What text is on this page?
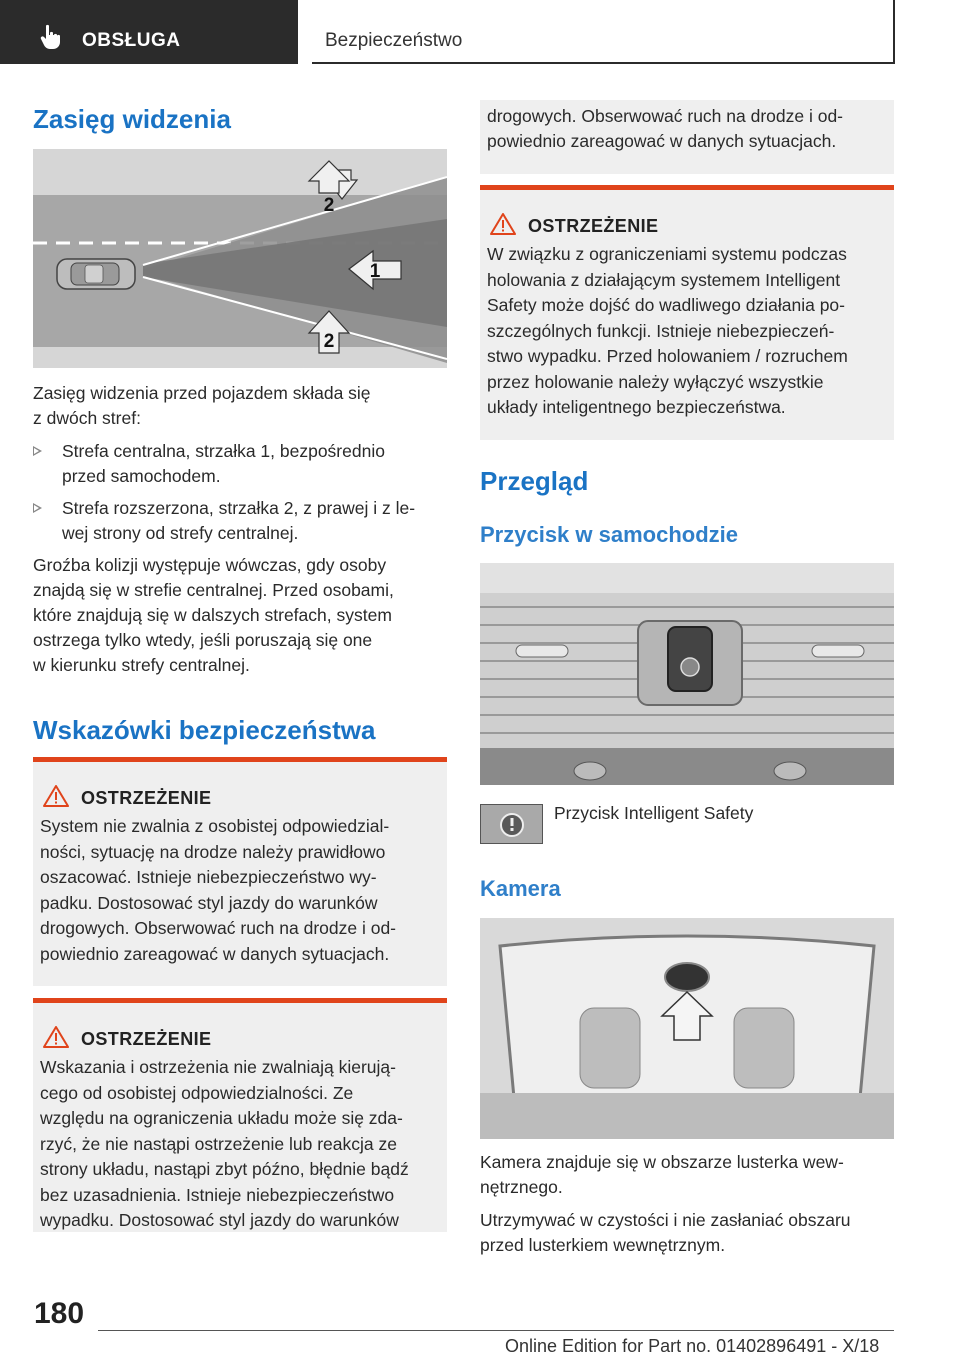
OBSŁUGA	Bezpieczeństwo
Zasięg widzenia
2
1
2
Zasięg widzenia przed pojazdem składa się
z dwóch stref:
Strefa centralna, strzałka 1, bezpośrednio
przed samochodem.
Strefa rozszerzona, strzałka 2, z prawej i z le-
wej strony od strefy centralnej.
Groźba kolizji występuje wówczas, gdy osoby
znajdą się w strefie centralnej. Przed osobami,
które znajdują się w dalszych strefach, system
ostrzega tylko wtedy, jeśli poruszają się one
w kierunku strefy centralnej.
Wskazówki bezpieczeństwa
OSTRZEŻENIE
System nie zwalnia z osobistej odpowiedzial-
ności, sytuację na drodze należy prawidłowo
oszacować. Istnieje niebezpieczeństwo wy-
padku. Dostosować styl jazdy do warunków
drogowych. Obserwować ruch na drodze i od-
powiednio zareagować w danych sytuacjach.
OSTRZEŻENIE
Wskazania i ostrzeżenia nie zwalniają kierują-
cego od osobistej odpowiedzialności. Ze
względu na ograniczenia układu może się zda-
rzyć, że nie nastąpi ostrzeżenie lub reakcja ze
strony układu, nastąpi zbyt późno, błędnie bądź
bez uzasadnienia. Istnieje niebezpieczeństwo
wypadku. Dostosować styl jazdy do warunków
drogowych. Obserwować ruch na drodze i od-
powiednio zareagować w danych sytuacjach.
OSTRZEŻENIE
W związku z ograniczeniami systemu podczas
holowania z działającym systemem Intelligent
Safety może dojść do wadliwego działania po-
szczególnych funkcji. Istnieje niebezpieczeń-
stwo wypadku. Przed holowaniem / rozruchem
przez holowanie należy wyłączyć wszystkie
układy inteligentnego bezpieczeństwa.
Przegląd
Przycisk w samochodzie
Przycisk Intelligent Safety
Kamera
Kamera znajduje się w obszarze lusterka wew-
nętrznego.
Utrzymywać w czystości i nie zasłaniać obszaru
przed lusterkiem wewnętrznym.
180
Online Edition for Part no. 01402896491 - X/18
